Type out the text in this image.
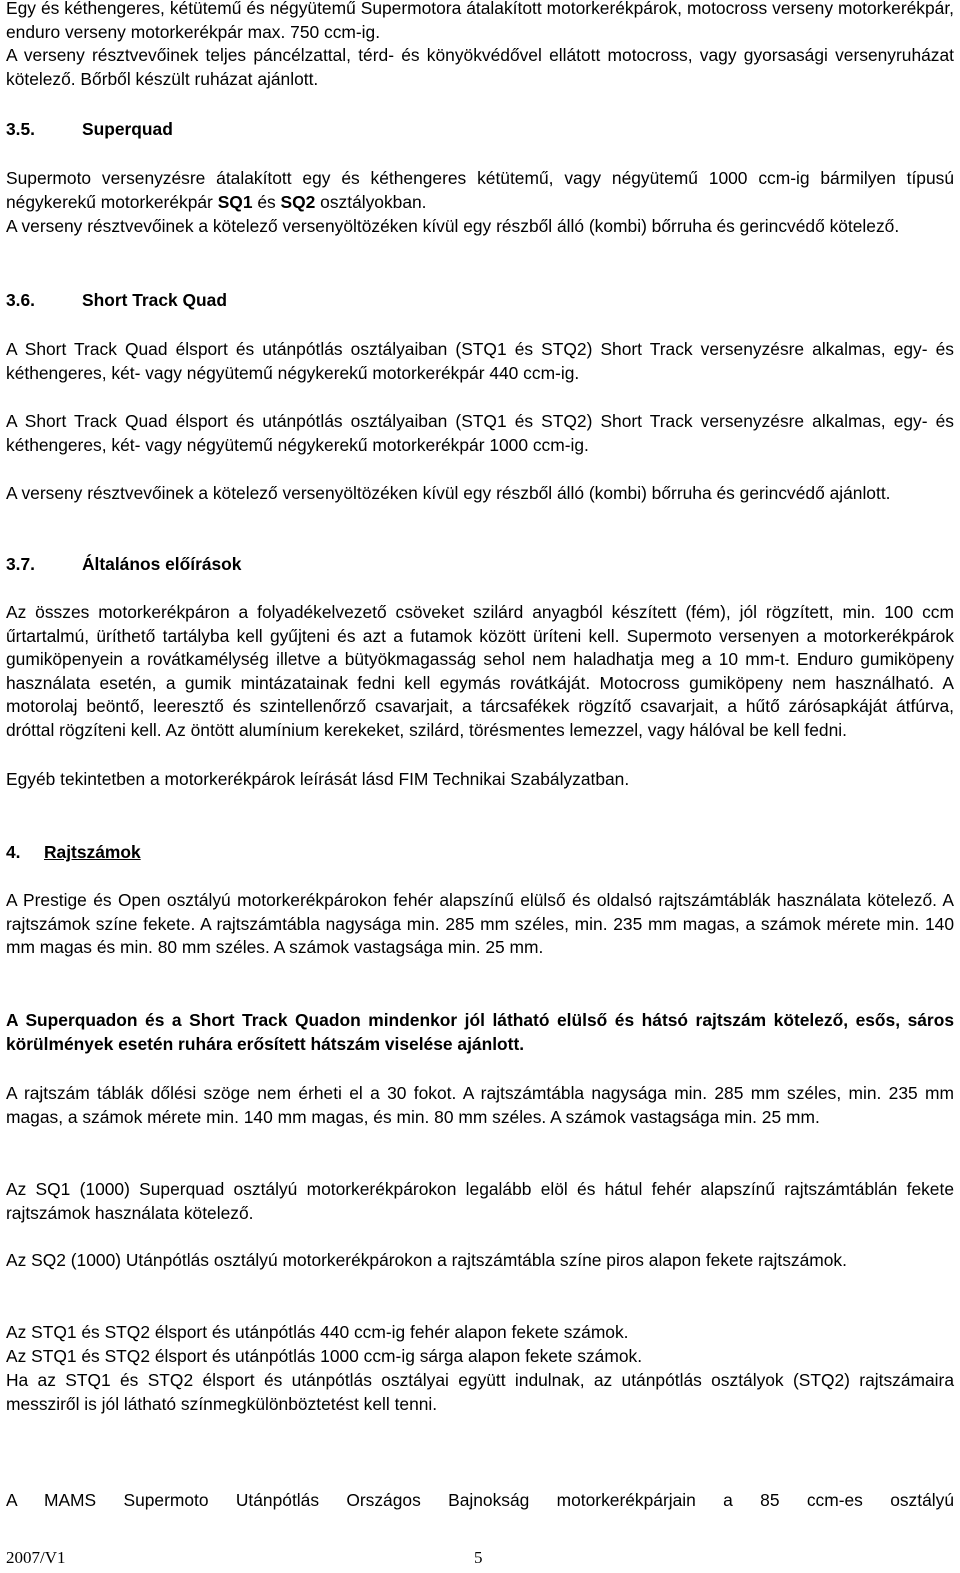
Egy és kéthengeres, kétütemű és négyütemű Supermotora átalakított motorkerékpárok, motocross verseny motorkerékpár, enduro verseny motorkerékpár max. 750 ccm-ig.

A verseny résztvevőinek teljes páncélzattal, térd- és könyökvédővel ellátott motocross, vagy gyorsasági versenyruházat kötelező. Bőrből készült ruházat ajánlott.

3.5.	Superquad

Supermoto versenyzésre átalakított egy és kéthengeres kétütemű, vagy négyütemű 1000 ccm-ig bármilyen típusú négykerekű motorkerékpár SQ1 és SQ2 osztályokban.

A verseny résztvevőinek a kötelező versenyöltözéken kívül egy részből álló (kombi) bőrruha és gerincvédő kötelező.

3.6.	Short Track Quad

A Short Track Quad élsport és utánpótlás osztályaiban (STQ1 és STQ2) Short Track versenyzésre alkalmas, egy- és kéthengeres, két- vagy négyütemű négykerekű motorkerékpár 440 ccm-ig.

A Short Track Quad élsport és utánpótlás osztályaiban (STQ1 és STQ2) Short Track versenyzésre alkalmas, egy- és kéthengeres, két- vagy négyütemű négykerekű motorkerékpár 1000 ccm-ig.

A verseny résztvevőinek a kötelező versenyöltözéken kívül egy részből álló (kombi) bőrruha és gerincvédő ajánlott.

3.7.	Általános előírások

Az összes motorkerékpáron a folyadékelvezető csöveket szilárd anyagból készített (fém), jól rögzített, min. 100 ccm űrtartalmú, üríthető tartályba kell gyűjteni és azt a futamok között üríteni kell. Supermoto versenyen a motorkerékpárok gumiköpenyein a rovátkamélység illetve a bütyökmagasság sehol nem haladhatja meg a 10 mm-t. Enduro gumiköpeny használata esetén, a gumik mintázatainak fedni kell egymás rovátkáját. Motocross gumiköpeny nem használható. A motorolaj beöntő, leeresztő és szintellenőrző csavarjait, a tárcsafékek rögzítő csavarjait, a hűtő zárósapkáját átfúrva, dróttal rögzíteni kell. Az öntött alumínium kerekeket, szilárd, törésmentes lemezzel, vagy hálóval be kell fedni.

Egyéb tekintetben a motorkerékpárok leírását lásd FIM Technikai Szabályzatban.

4. Rajtszámok

A Prestige és Open osztályú motorkerékpárokon fehér alapszínű elülső és oldalsó rajtszámtáblák használata kötelező. A rajtszámok színe fekete. A rajtszámtábla nagysága min. 285 mm széles, min. 235 mm magas, a számok mérete min. 140 mm magas és min. 80 mm széles. A számok vastagsága min. 25 mm.

A Superquadon és a Short Track Quadon mindenkor jól látható elülső és hátsó rajtszám kötelező, esős, sáros körülmények esetén ruhára erősített hátszám viselése ajánlott.

A rajtszám táblák dőlési szöge nem érheti el a 30 fokot. A rajtszámtábla nagysága min. 285 mm széles, min. 235 mm magas, a számok mérete min. 140 mm magas, és min. 80 mm széles. A számok vastagsága min. 25 mm.

Az SQ1 (1000) Superquad osztályú motorkerékpárokon legalább elöl és hátul fehér alapszínű rajtszámtáblán fekete rajtszámok használata kötelező.

Az SQ2 (1000) Utánpótlás osztályú motorkerékpárokon a rajtszámtábla színe piros alapon fekete rajtszámok.

Az STQ1 és STQ2 élsport és utánpótlás 440 ccm-ig fehér alapon fekete számok.

Az STQ1 és STQ2 élsport és utánpótlás 1000 ccm-ig sárga alapon fekete számok.

Ha az STQ1 és STQ2 élsport és utánpótlás osztályai együtt indulnak, az utánpótlás osztályok (STQ2) rajtszámaira messziről is jól látható színmegkülönböztetést kell tenni.

A MAMS Supermoto Utánpótlás Országos Bajnokság motorkerékpárjain a 85 ccm-es osztályú

2007/V1	5
